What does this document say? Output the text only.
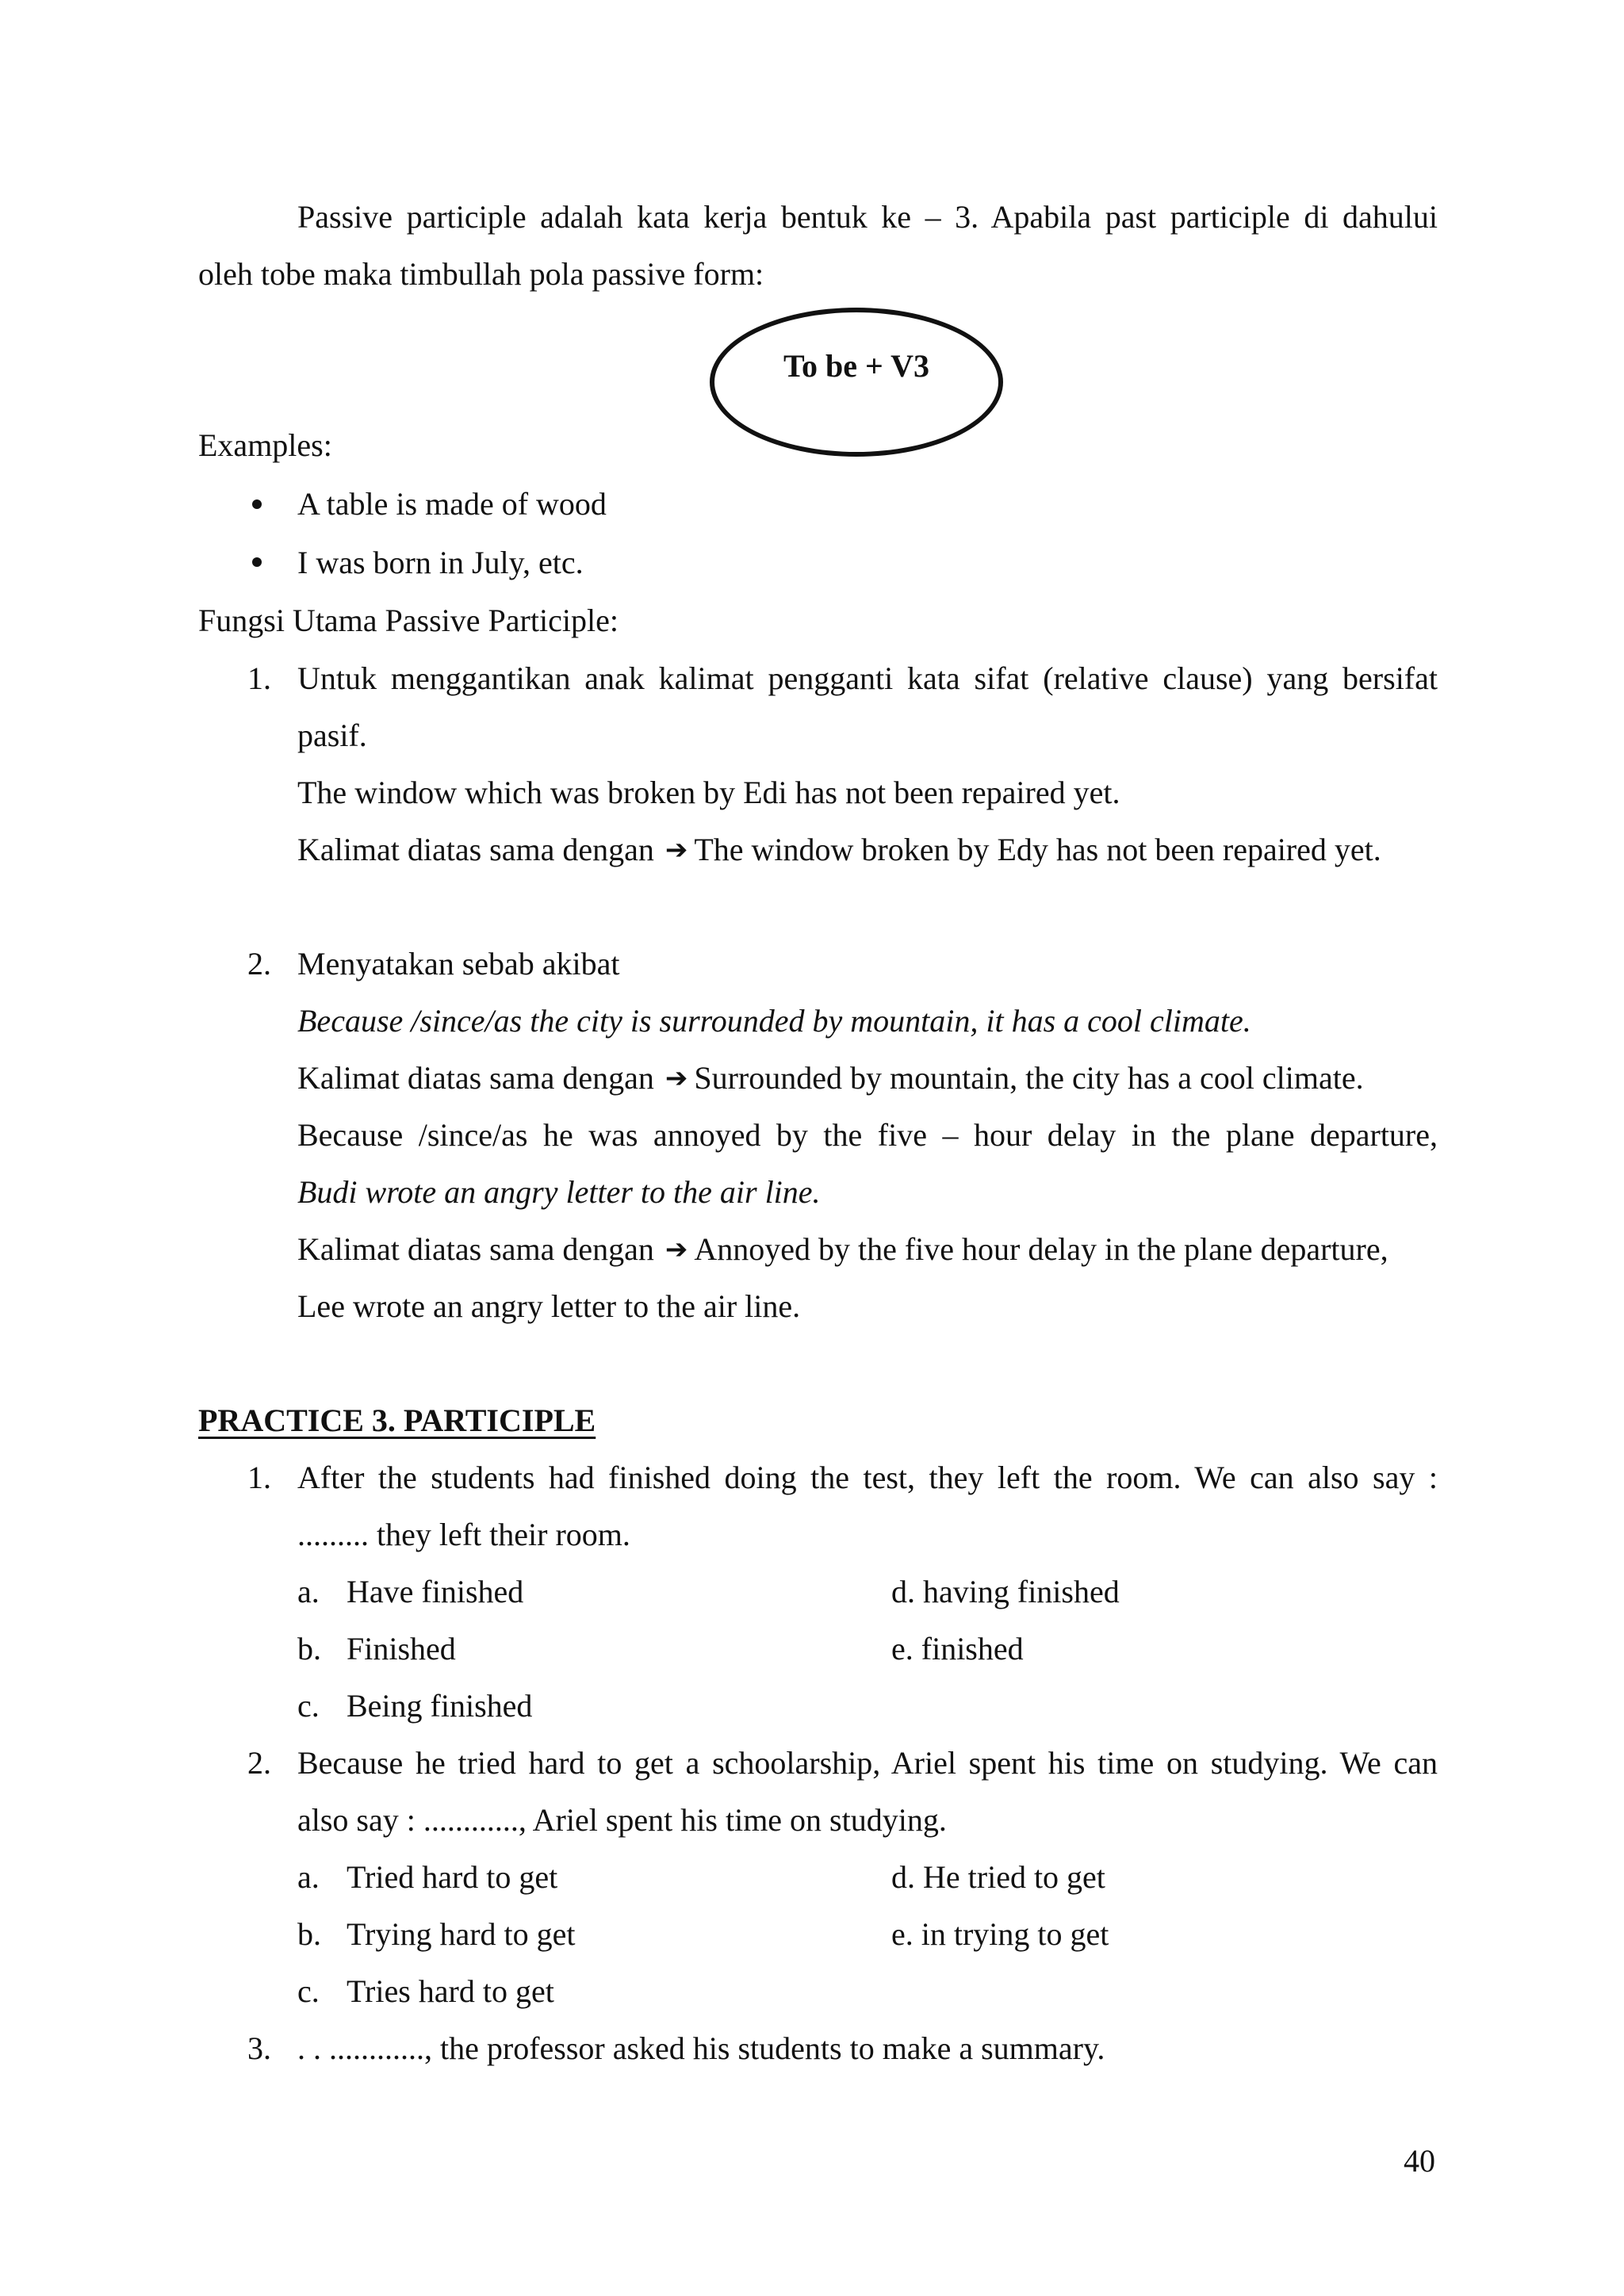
Passive participle adalah kata kerja bentuk ke – 3. Apabila past participle di dahului
oleh tobe maka timbullah pola passive form:
To be + V3
Examples:
A table is made of wood
I was born in July, etc.
Fungsi Utama Passive Participle:
1. Untuk menggantikan anak kalimat pengganti kata sifat (relative clause) yang bersifat
pasif.
The window which was broken by Edi has not been repaired yet.
Kalimat diatas sama dengan ➔ The window broken by Edy has not been repaired yet.
2. Menyatakan sebab akibat
Because /since/as the city is surrounded by mountain, it has a cool climate.
Kalimat diatas sama dengan ➔ Surrounded by mountain, the city has a cool climate.
Because /since/as he was annoyed by the five – hour delay in the plane departure,
Budi wrote an angry letter to the air line.
Kalimat diatas sama dengan ➔ Annoyed by the five hour delay in the plane departure,
Lee wrote an angry letter to the air line.
PRACTICE 3. PARTICIPLE
1. After the students had finished doing the test, they left the room. We can also say :
......... they left their room.
a. Have finished	d. having finished
b. Finished	e. finished
c. Being finished
2. Because he tried hard to get a schoolarship, Ariel spent his time on studying. We can
also say : ............, Ariel spent his time on studying.
a. Tried hard to get	d. He tried to get
b. Trying hard to get	e. in trying to get
c. Tries hard to get
3. . . ............, the professor asked his students to make a summary.
40
